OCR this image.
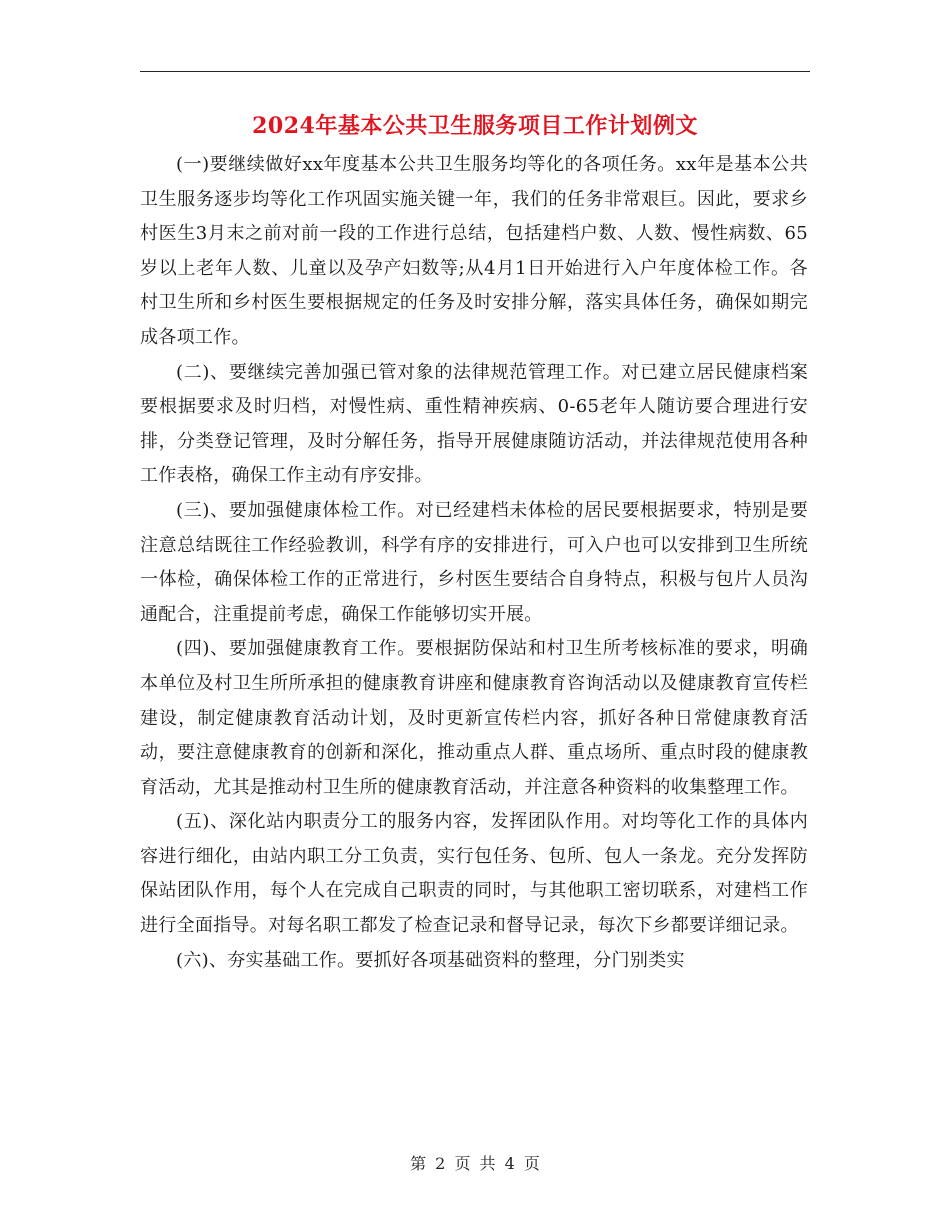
2024年基本公共卫生服务项目工作计划例文

(一)要继续做好xx年度基本公共卫生服务均等化的各项任务。xx年是基本公共卫生服务逐步均等化工作巩固实施关键一年，我们的任务非常艰巨。因此，要求乡村医生3月末之前对前一段的工作进行总结，包括建档户数、人数、慢性病数、65岁以上老年人数、儿童以及孕产妇数等;从4月1日开始进行入户年度体检工作。各村卫生所和乡村医生要根据规定的任务及时安排分解，落实具体任务，确保如期完成各项工作。

(二)、要继续完善加强已管对象的法律规范管理工作。对已建立居民健康档案要根据要求及时归档，对慢性病、重性精神疾病、0-65老年人随访要合理进行安排，分类登记管理，及时分解任务，指导开展健康随访活动，并法律规范使用各种工作表格，确保工作主动有序安排。

(三)、要加强健康体检工作。对已经建档未体检的居民要根据要求，特别是要注意总结既往工作经验教训，科学有序的安排进行，可入户也可以安排到卫生所统一体检，确保体检工作的正常进行，乡村医生要结合自身特点，积极与包片人员沟通配合，注重提前考虑，确保工作能够切实开展。

(四)、要加强健康教育工作。要根据防保站和村卫生所考核标准的要求，明确本单位及村卫生所所承担的健康教育讲座和健康教育咨询活动以及健康教育宣传栏建设，制定健康教育活动计划，及时更新宣传栏内容，抓好各种日常健康教育活动，要注意健康教育的创新和深化，推动重点人群、重点场所、重点时段的健康教育活动，尤其是推动村卫生所的健康教育活动，并注意各种资料的收集整理工作。

(五)、深化站内职责分工的服务内容，发挥团队作用。对均等化工作的具体内容进行细化，由站内职工分工负责，实行包任务、包所、包人一条龙。充分发挥防保站团队作用，每个人在完成自己职责的同时，与其他职工密切联系，对建档工作进行全面指导。对每名职工都发了检查记录和督导记录，每次下乡都要详细记录。

(六)、夯实基础工作。要抓好各项基础资料的整理，分门别类实

第 2 页 共 4 页
